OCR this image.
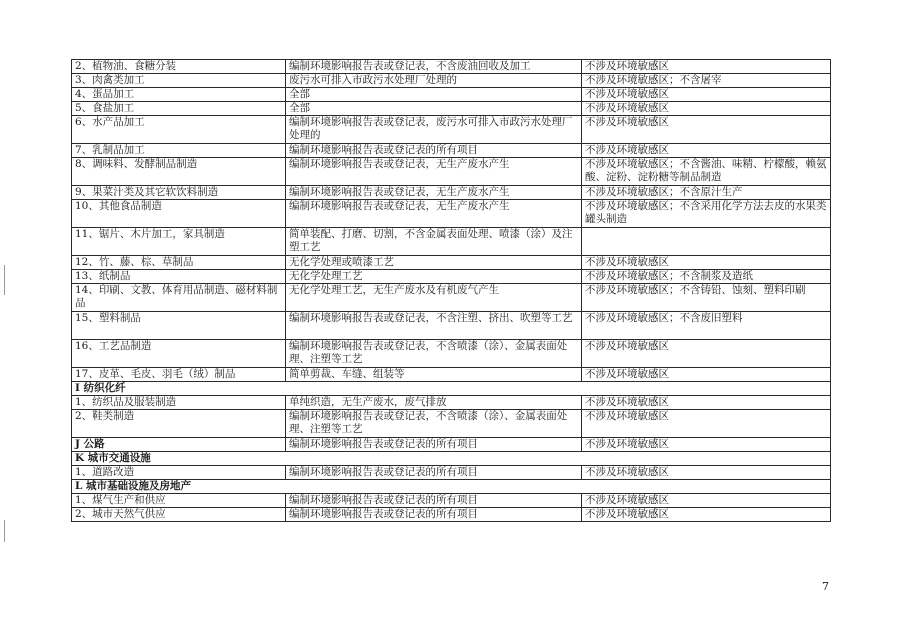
2、植物油、食糖分装	编制环境影响报告表或登记表，不含废油回收及加工	不涉及环境敏感区
3、肉禽类加工	废污水可排入市政污水处理厂处理的	不涉及环境敏感区；不含屠宰
4、蛋品加工	全部	不涉及环境敏感区
5、食盐加工	全部	不涉及环境敏感区
6、水产品加工	编制环境影响报告表或登记表，废污水可排入市政污水处理厂处理的	不涉及环境敏感区
7、乳制品加工	编制环境影响报告表或登记表的所有项目	不涉及环境敏感区
8、调味料、发酵制品制造	编制环境影响报告表或登记表，无生产废水产生	不涉及环境敏感区；不含酱油、味精、柠檬酸，赖氨酸、淀粉、淀粉糖等制品制造
9、果菜汁类及其它软饮料制造	编制环境影响报告表或登记表，无生产废水产生	不涉及环境敏感区；不含原汁生产
10、其他食品制造	编制环境影响报告表或登记表，无生产废水产生	不涉及环境敏感区；不含采用化学方法去皮的水果类罐头制造
11、锯片、木片加工，家具制造	简单装配、打磨、切割，不含金属表面处理、喷漆（涂）及注塑工艺	
12、竹、藤、棕、草制品	无化学处理或喷漆工艺	不涉及环境敏感区
13、纸制品	无化学处理工艺	不涉及环境敏感区；不含制浆及造纸
14、印刷、文教、体育用品制造、磁材料制品	无化学处理工艺，无生产废水及有机废气产生	不涉及环境敏感区；不含铸铅、蚀刻、塑料印刷
15、塑料制品	编制环境影响报告表或登记表，不含注塑、挤出、吹塑等工艺	不涉及环境敏感区；不含废旧塑料
16、工艺品制造	编制环境影响报告表或登记表，不含喷漆（涂）、金属表面处理、注塑等工艺	不涉及环境敏感区
17、皮革、毛皮、羽毛（绒）制品	简单剪裁、车缝、组装等	不涉及环境敏感区
I 纺织化纤		
1、纺织品及服装制造	单纯织造，无生产废水，废气排放	不涉及环境敏感区
2、鞋类制造	编制环境影响报告表或登记表，不含喷漆（涂）、金属表面处理、注塑等工艺	不涉及环境敏感区
J 公路	编制环境影响报告表或登记表的所有项目	不涉及环境敏感区
K 城市交通设施		
1、道路改造	编制环境影响报告表或登记表的所有项目	不涉及环境敏感区
L 城市基础设施及房地产		
1、煤气生产和供应	编制环境影响报告表或登记表的所有项目	不涉及环境敏感区
2、城市天然气供应	编制环境影响报告表或登记表的所有项目	不涉及环境敏感区
7
